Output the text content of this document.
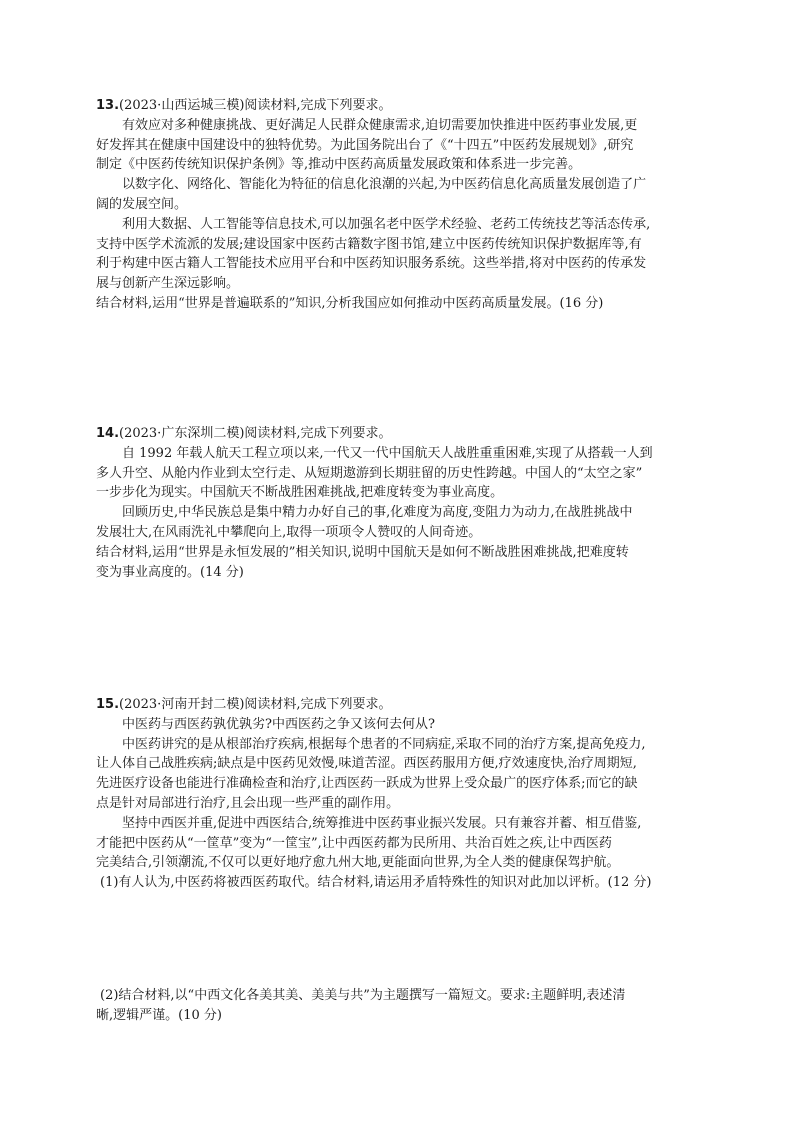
13.(2023·山西运城三模)阅读材料,完成下列要求。
有效应对多种健康挑战、更好满足人民群众健康需求,迫切需要加快推进中医药事业发展,更
好发挥其在健康中国建设中的独特优势。为此国务院出台了《“十四五”中医药发展规划》,研究
制定《中医药传统知识保护条例》等,推动中医药高质量发展政策和体系进一步完善。
以数字化、网络化、智能化为特征的信息化浪潮的兴起,为中医药信息化高质量发展创造了广
阔的发展空间。
利用大数据、人工智能等信息技术,可以加强名老中医学术经验、老药工传统技艺等活态传承,
支持中医学术流派的发展;建设国家中医药古籍数字图书馆,建立中医药传统知识保护数据库等,有
利于构建中医古籍人工智能技术应用平台和中医药知识服务系统。这些举措,将对中医药的传承发
展与创新产生深远影响。
结合材料,运用“世界是普遍联系的”知识,分析我国应如何推动中医药高质量发展。(16 分)
14.(2023·广东深圳二模)阅读材料,完成下列要求。
自 1992 年载人航天工程立项以来,一代又一代中国航天人战胜重重困难,实现了从搭载一人到
多人升空、从舱内作业到太空行走、从短期遨游到长期驻留的历史性跨越。中国人的“太空之家”
一步步化为现实。中国航天不断战胜困难挑战,把难度转变为事业高度。
回顾历史,中华民族总是集中精力办好自己的事,化难度为高度,变阻力为动力,在战胜挑战中
发展壮大,在风雨洗礼中攀爬向上,取得一项项令人赞叹的人间奇迹。
结合材料,运用“世界是永恒发展的”相关知识,说明中国航天是如何不断战胜困难挑战,把难度转
变为事业高度的。(14 分)
15.(2023·河南开封二模)阅读材料,完成下列要求。
中医药与西医药孰优孰劣?中西医药之争又该何去何从?
中医药讲究的是从根部治疗疾病,根据每个患者的不同病症,采取不同的治疗方案,提高免疫力,
让人体自己战胜疾病;缺点是中医药见效慢,味道苦涩。西医药服用方便,疗效速度快,治疗周期短,
先进医疗设备也能进行准确检查和治疗,让西医药一跃成为世界上受众最广的医疗体系;而它的缺
点是针对局部进行治疗,且会出现一些严重的副作用。
坚持中西医并重,促进中西医结合,统筹推进中医药事业振兴发展。只有兼容并蓄、相互借鉴,
才能把中医药从“一筐草”变为“一筐宝”,让中西医药都为民所用、共治百姓之疾,让中西医药
完美结合,引领潮流,不仅可以更好地疗愈九州大地,更能面向世界,为全人类的健康保驾护航。
(1)有人认为,中医药将被西医药取代。结合材料,请运用矛盾特殊性的知识对此加以评析。(12 分)
(2)结合材料,以“中西文化各美其美、美美与共”为主题撰写一篇短文。要求:主题鲜明,表述清
晰,逻辑严谨。(10 分)
